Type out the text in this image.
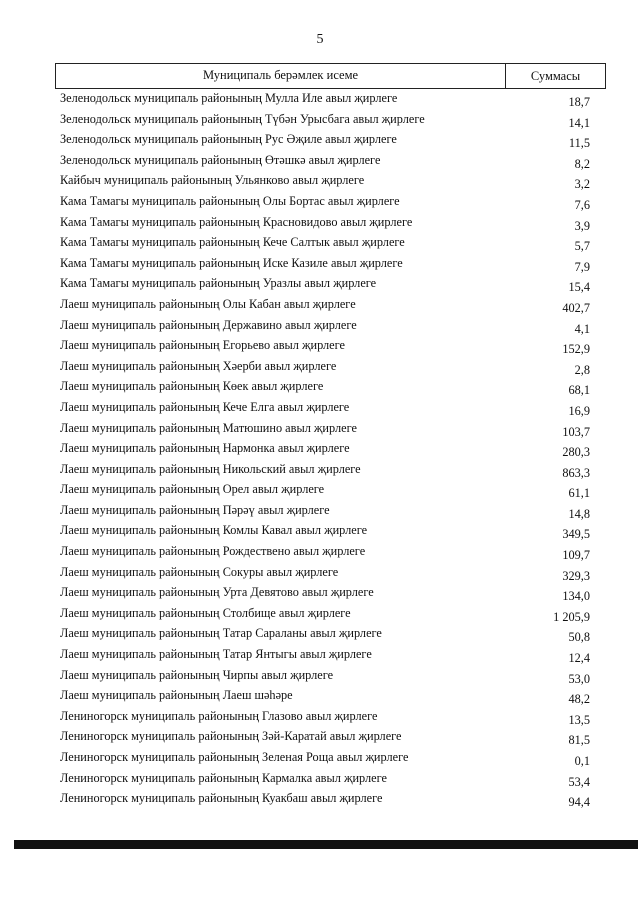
5
Муниципаль берәмлек исеме	Суммасы
Зеленодольск муниципаль районының Мулла Иле авыл җирлеге	18,7
Зеленодольск муниципаль районының Түбән Урысбага авыл җирлеге	14,1
Зеленодольск муниципаль районының Рус Әҗиле авыл җирлеге	11,5
Зеленодольск муниципаль районының Өтәшкә авыл җирлеге	8,2
Кайбыч муниципаль районының Ульянково авыл җирлеге	3,2
Кама Тамагы муниципаль районының Олы Бортас авыл җирлеге	7,6
Кама Тамагы муниципаль районының Красновидово авыл җирлеге	3,9
Кама Тамагы муниципаль районының Кече Салтык авыл җирлеге	5,7
Кама Тамагы муниципаль районының Иске Казиле авыл җирлеге	7,9
Кама Тамагы муниципаль районының Уразлы авыл җирлеге	15,4
Лаеш муниципаль районының Олы Кабан авыл җирлеге	402,7
Лаеш муниципаль районының Державино авыл җирлеге	4,1
Лаеш муниципаль районының Егорьево авыл җирлеге	152,9
Лаеш муниципаль районының Хәерби авыл җирлеге	2,8
Лаеш муниципаль районының Көек авыл җирлеге	68,1
Лаеш муниципаль районының Кече Елга авыл җирлеге	16,9
Лаеш муниципаль районының Матюшино авыл җирлеге	103,7
Лаеш муниципаль районының Нармонка авыл җирлеге	280,3
Лаеш муниципаль районының Никольский авыл җирлеге	863,3
Лаеш муниципаль районының Орел авыл җирлеге	61,1
Лаеш муниципаль районының Пәрәү авыл җирлеге	14,8
Лаеш муниципаль районының Комлы Кавал авыл җирлеге	349,5
Лаеш муниципаль районының Рождествено авыл җирлеге	109,7
Лаеш муниципаль районының Сокуры авыл җирлеге	329,3
Лаеш муниципаль районының Урта Девятово авыл җирлеге	134,0
Лаеш муниципаль районының Столбище авыл җирлеге	1 205,9
Лаеш муниципаль районының Татар Сараланы авыл җирлеге	50,8
Лаеш муниципаль районының Татар Янтыгы авыл җирлеге	12,4
Лаеш муниципаль районының Чирпы авыл җирлеге	53,0
Лаеш муниципаль районының Лаеш шәһәре	48,2
Лениногорск муниципаль районының Глазово авыл җирлеге	13,5
Лениногорск муниципаль районының Зәй-Каратай авыл җирлеге	81,5
Лениногорск муниципаль районының Зеленая Роща авыл җирлеге	0,1
Лениногорск муниципаль районының Кармалка авыл җирлеге	53,4
Лениногорск муниципаль районының Куакбаш авыл җирлеге	94,4
